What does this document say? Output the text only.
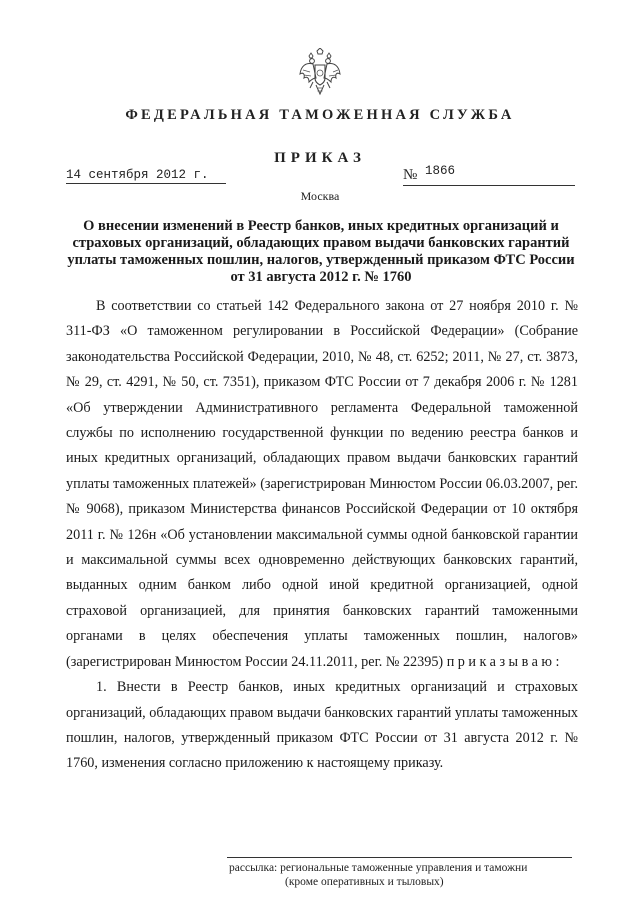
ФЕДЕРАЛЬНАЯ ТАМОЖЕННАЯ СЛУЖБА
ПРИКАЗ
14 сентября 2012 г.	№ 1866
Москва
О внесении изменений в Реестр банков, иных кредитных организаций и страховых организаций, обладающих правом выдачи банковских гарантий уплаты таможенных пошлин, налогов, утвержденный приказом ФТС России от 31 августа 2012 г. № 1760

В соответствии со статьей 142 Федерального закона от 27 ноября 2010 г. № 311-ФЗ «О таможенном регулировании в Российской Федерации» (Собрание законодательства Российской Федерации, 2010, № 48, ст. 6252; 2011, № 27, ст. 3873, № 29, ст. 4291, № 50, ст. 7351), приказом ФТС России от 7 декабря 2006 г. № 1281 «Об утверждении Административного регламента Федеральной таможенной службы по исполнению государственной функции по ведению реестра банков и иных кредитных организаций, обладающих правом выдачи банковских гарантий уплаты таможенных платежей» (зарегистрирован Минюстом России 06.03.2007, рег. № 9068), приказом Министерства финансов Российской Федерации от 10 октября 2011 г. № 126н «Об установлении максимальной суммы одной банковской гарантии и максимальной суммы всех одновременно действующих банковских гарантий, выданных одним банком либо одной иной кредитной организацией, одной страховой организацией, для принятия банковских гарантий таможенными органами в целях обеспечения уплаты таможенных пошлин, налогов» (зарегистрирован Минюстом России 24.11.2011, рег. № 22395) приказываю:

1. Внести в Реестр банков, иных кредитных организаций и страховых организаций, обладающих правом выдачи банковских гарантий уплаты таможенных пошлин, налогов, утвержденный приказом ФТС России от 31 августа 2012 г. № 1760, изменения согласно приложению к настоящему приказу.

рассылка: региональные таможенные управления и таможни
(кроме оперативных и тыловых)
